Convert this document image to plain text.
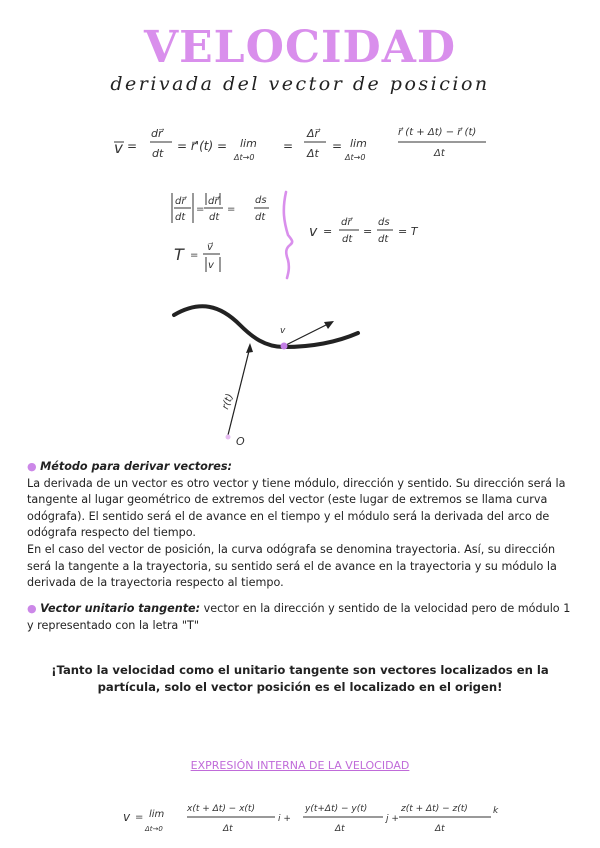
VELOCIDAD
derivada del vector de posicion
v =
dr⃗
dt
= r⃗'(t) = lim
Δt→0
=
Δr⃗
Δt
= lim
Δt→0
r⃗ (t + Δt) − r⃗ (t)
Δt
dr⃗
dt
=
dr⃗
dt
=
ds
dt
T =
v⃗
v
v =
dr⃗
dt
=
ds
dt
= T
r(t)
O
v
● Método para derivar vectores:
La derivada de un vector es otro vector y tiene módulo, dirección y sentido. Su dirección será la tangente al lugar geométrico de extremos del vector (este lugar de extremos se llama curva odógrafa). El sentido será el de avance en el tiempo y el módulo será la derivada del arco de odógrafa respecto del tiempo.
En el caso del vector de posición, la curva odógrafa se denomina trayectoria. Así, su dirección será la tangente a la trayectoria, su sentido será el de avance en la trayectoria y su módulo la derivada de la trayectoria respecto al tiempo.
● Vector unitario tangente: vector en la dirección y sentido de la velocidad pero de módulo 1 y representado con la letra "T"
¡Tanto la velocidad como el unitario tangente son vectores localizados en la partícula, solo el vector posición es el localizado en el origen!
EXPRESIÓN INTERNA DE LA VELOCIDAD
v = lim
Δt→0
x(t + Δt) − x(t)
Δt
i +
y(t+Δt) − y(t)
Δt
j +
z(t + Δt) − z(t)
Δt
k
